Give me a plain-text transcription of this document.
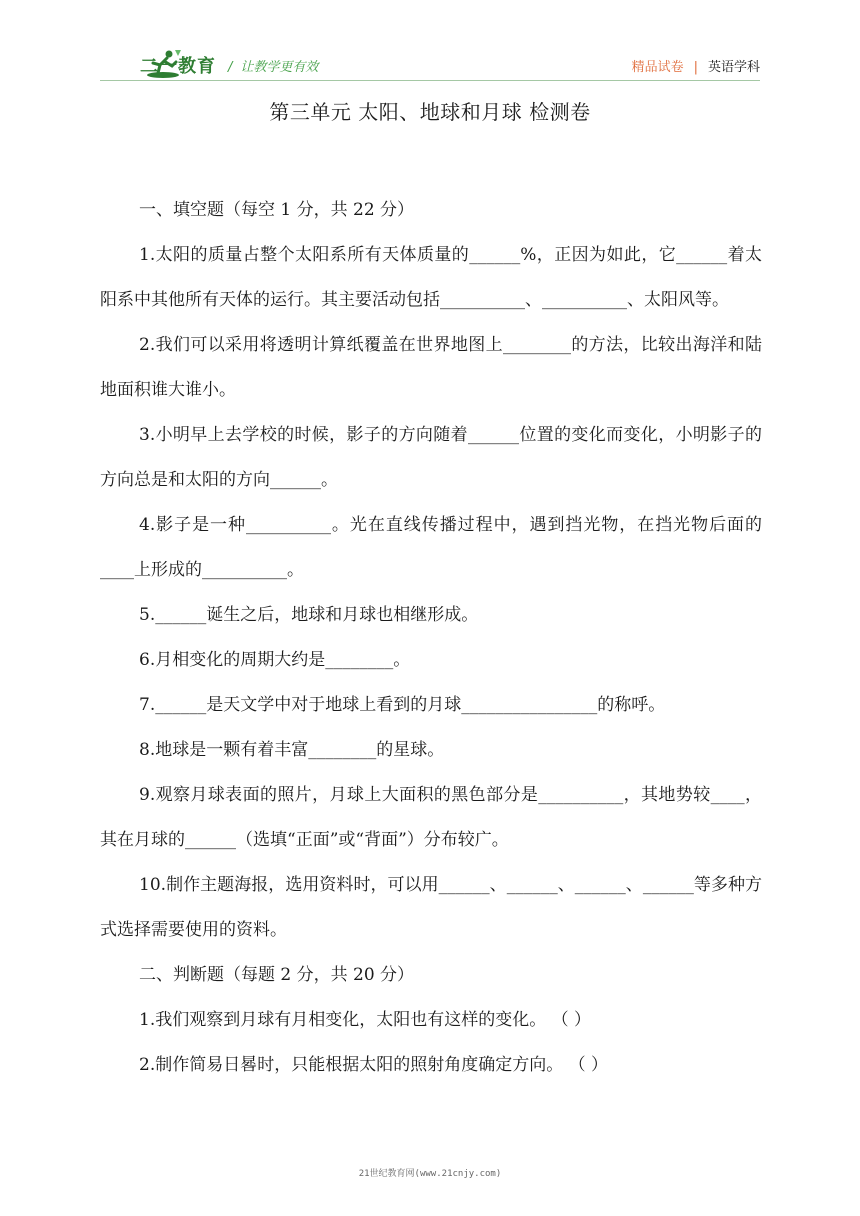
二一教育 / 让教学更有效	精品试卷 | 英语学科
第三单元 太阳、地球和月球 检测卷

一、填空题（每空 1 分，共 22 分）

1.太阳的质量占整个太阳系所有天体质量的______%，正因为如此，它______着太阳系中其他所有天体的运行。其主要活动包括__________、__________、太阳风等。

2.我们可以采用将透明计算纸覆盖在世界地图上________的方法，比较出海洋和陆地面积谁大谁小。

3.小明早上去学校的时候，影子的方向随着______位置的变化而变化，小明影子的方向总是和太阳的方向______。

4.影子是一种__________。光在直线传播过程中，遇到挡光物，在挡光物后面的____上形成的__________。

5.______诞生之后，地球和月球也相继形成。

6.月相变化的周期大约是________。

7.______是天文学中对于地球上看到的月球________________的称呼。

8.地球是一颗有着丰富________的星球。

9.观察月球表面的照片，月球上大面积的黑色部分是__________，其地势较____，其在月球的______（选填“正面”或“背面”）分布较广。

10.制作主题海报，选用资料时，可以用______、______、______、______等多种方式选择需要使用的资料。

二、判断题（每题 2 分，共 20 分）

1.我们观察到月球有月相变化，太阳也有这样的变化。 （ ）

2.制作简易日晷时，只能根据太阳的照射角度确定方向。 （ ）

21世纪教育网(www.21cnjy.com)
